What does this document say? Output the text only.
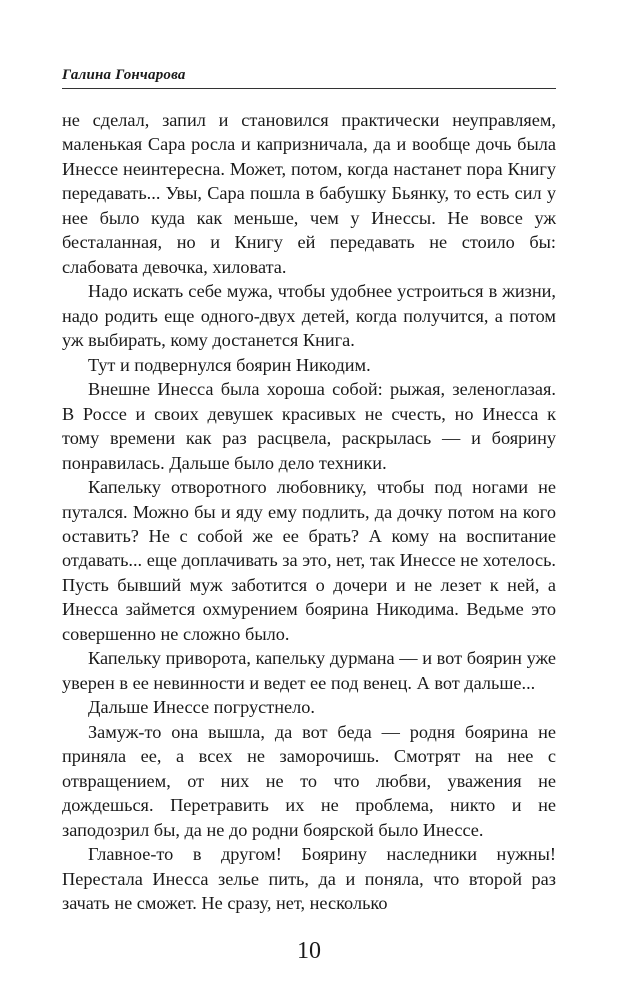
Галина Гончарова

не сделал, запил и становился практически неуправляем, маленькая Сара росла и капризничала, да и вообще дочь была Инессе неинтересна. Может, потом, когда настанет пора Книгу передавать... Увы, Сара пошла в бабушку Бьянку, то есть сил у нее было куда как меньше, чем у Инессы. Не вовсе уж бесталанная, но и Книгу ей передавать не стоило бы: слабовата девочка, хиловата.

Надо искать себе мужа, чтобы удобнее устроиться в жизни, надо родить еще одного-двух детей, когда получится, а потом уж выбирать, кому достанется Книга.

Тут и подвернулся боярин Никодим.

Внешне Инесса была хороша собой: рыжая, зеленоглазая. В Россе и своих девушек красивых не счесть, но Инесса к тому времени как раз расцвела, раскрылась — и боярину понравилась. Дальше было дело техники.

Капельку отворотного любовнику, чтобы под ногами не путался. Можно бы и яду ему подлить, да дочку потом на кого оставить? Не с собой же ее брать? А кому на воспитание отдавать... еще доплачивать за это, нет, так Инессе не хотелось. Пусть бывший муж заботится о дочери и не лезет к ней, а Инесса займется охмурением боярина Никодима. Ведьме это совершенно не сложно было.

Капельку приворота, капельку дурмана — и вот боярин уже уверен в ее невинности и ведет ее под венец. А вот дальше...

Дальше Инессе погрустнело.

Замуж-то она вышла, да вот беда — родня боярина не приняла ее, а всех не заморочишь. Смотрят на нее с отвращением, от них не то что любви, уважения не дождешься. Перетравить их не проблема, никто и не заподозрил бы, да не до родни боярской было Инессе.

Главное-то в другом! Боярину наследники нужны! Перестала Инесса зелье пить, да и поняла, что второй раз зачать не сможет. Не сразу, нет, несколько

10
